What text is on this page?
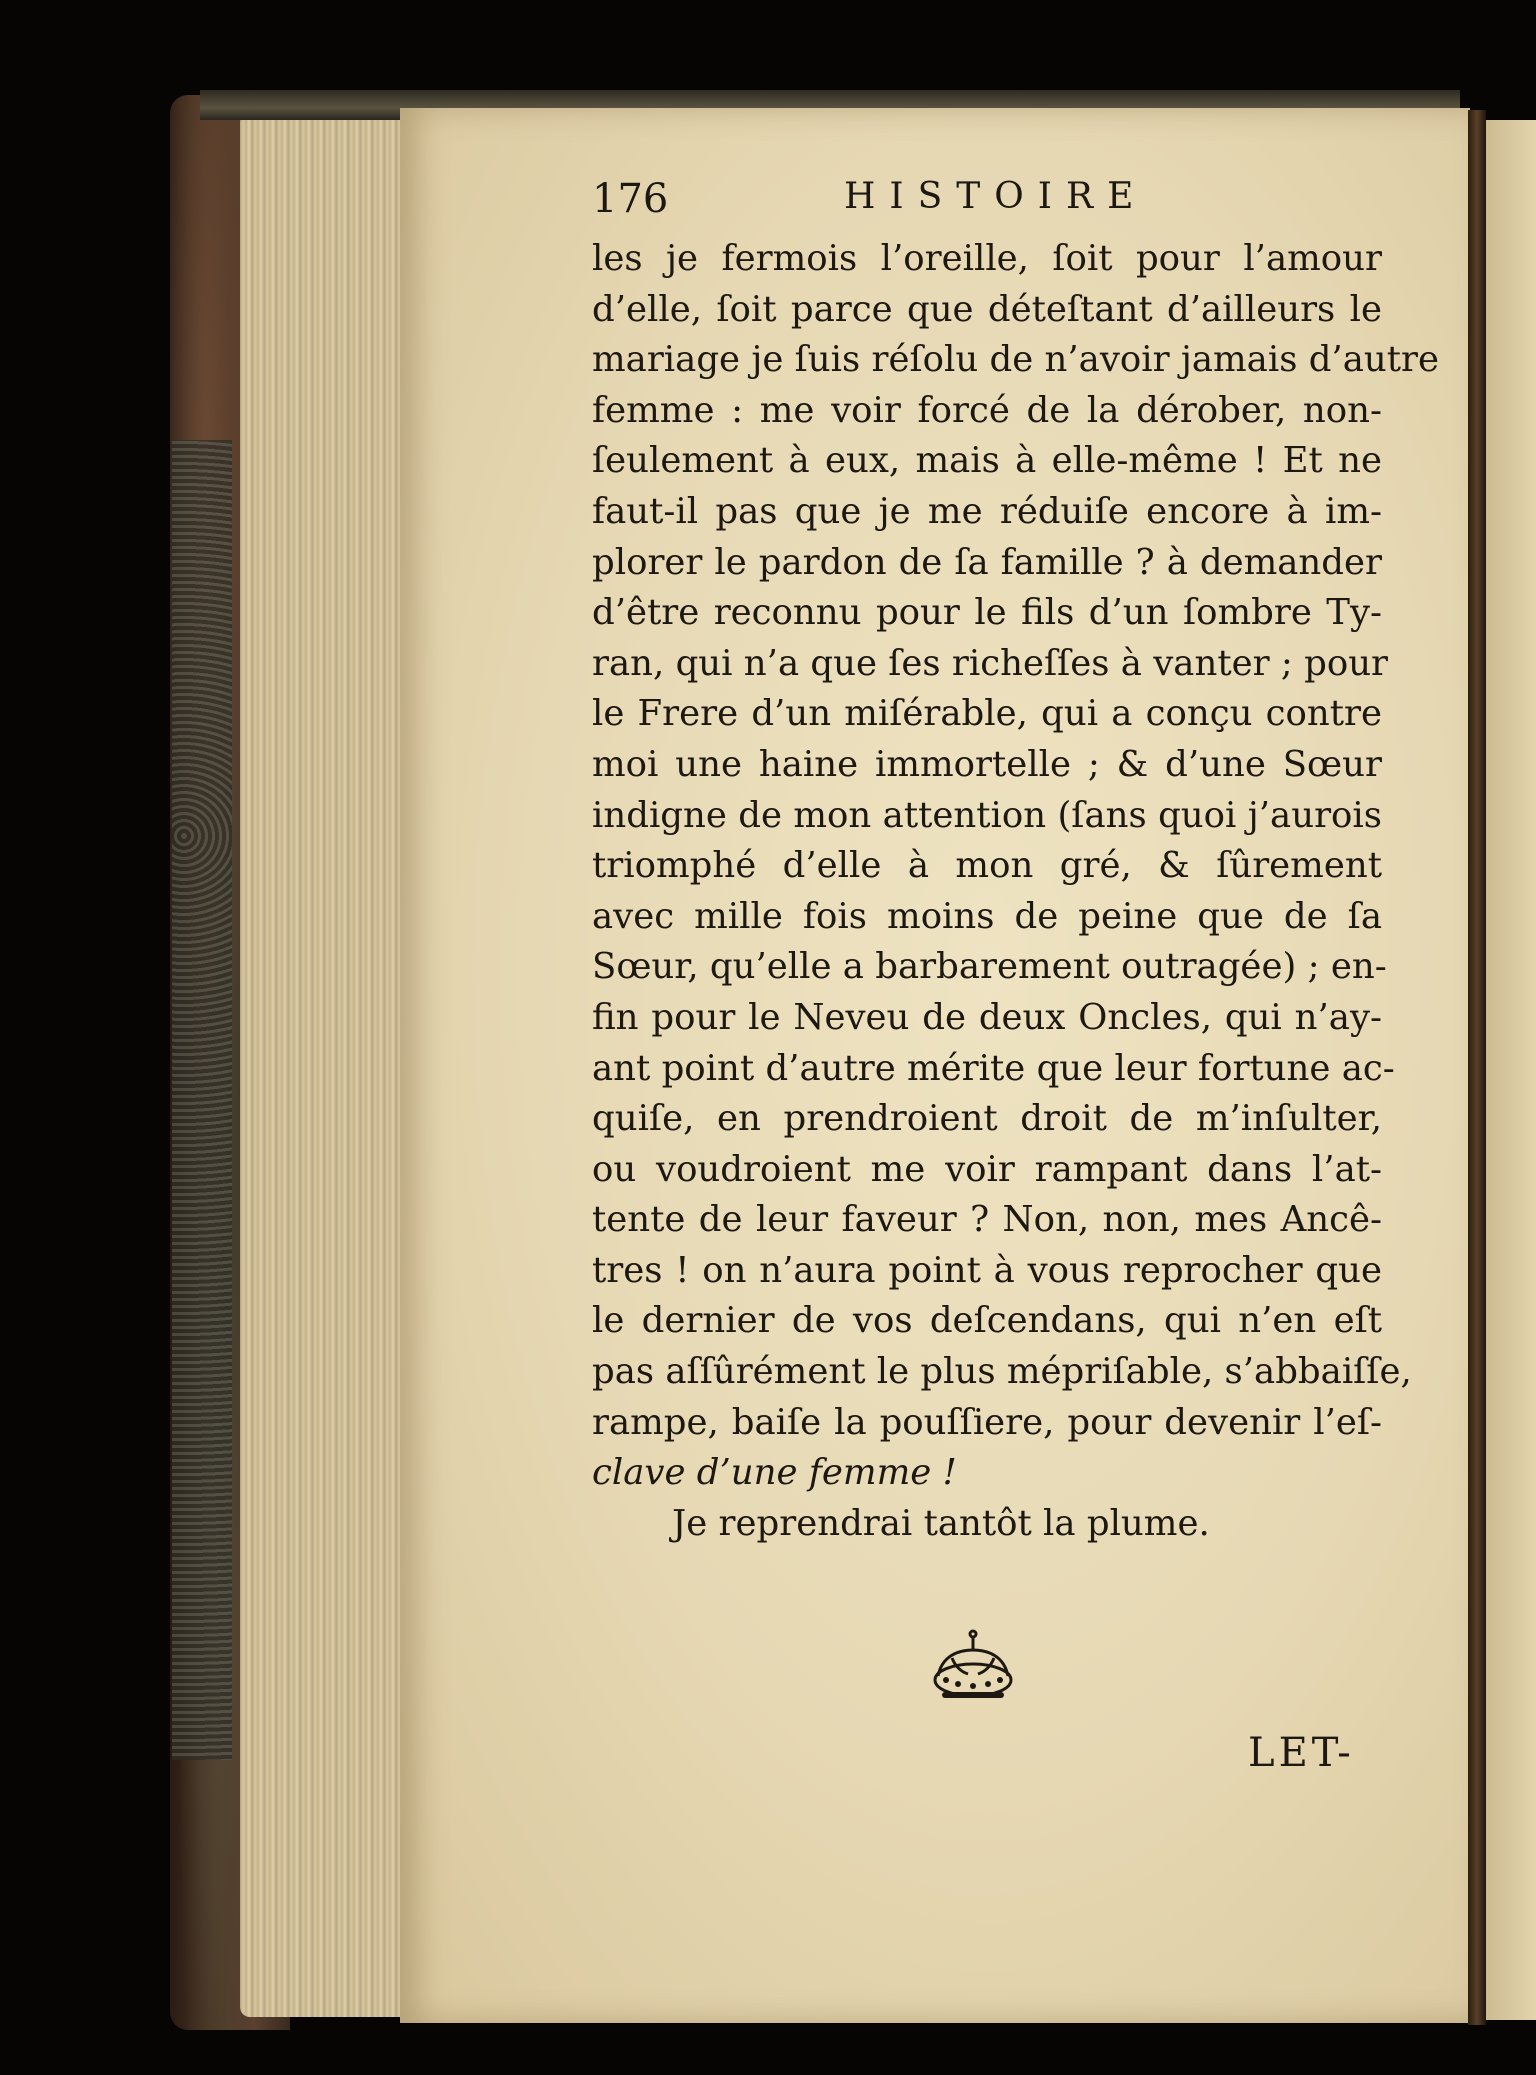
176	HISTOIRE
les je fermois l’oreille, ſoit pour l’amour
d’elle, ſoit parce que déteſtant d’ailleurs le
mariage je ſuis réſolu de n’avoir jamais d’autre
femme : me voir forcé de la dérober, non-
ſeulement à eux, mais à elle-même ! Et ne
faut-il pas que je me réduiſe encore à im-
plorer le pardon de ſa famille ? à demander
d’être reconnu pour le fils d’un ſombre Ty-
ran, qui n’a que ſes richeſſes à vanter ; pour
le Frere d’un miſérable, qui a conçu contre
moi une haine immortelle ; & d’une Sœur
indigne de mon attention (ſans quoi j’aurois
triomphé d’elle à mon gré, & ſûrement
avec mille fois moins de peine que de ſa
Sœur, qu’elle a barbarement outragée) ; en-
fin pour le Neveu de deux Oncles, qui n’ay-
ant point d’autre mérite que leur fortune ac-
quiſe, en prendroient droit de m’inſulter,
ou voudroient me voir rampant dans l’at-
tente de leur faveur ? Non, non, mes Ancê-
tres ! on n’aura point à vous reprocher que
le dernier de vos deſcendans, qui n’en eſt
pas aſſûrément le plus mépriſable, s’abbaiſſe,
rampe, baiſe la pouſſiere, pour devenir l’eſ-
clave d’une femme !
Je reprendrai tantôt la plume.
LET-
